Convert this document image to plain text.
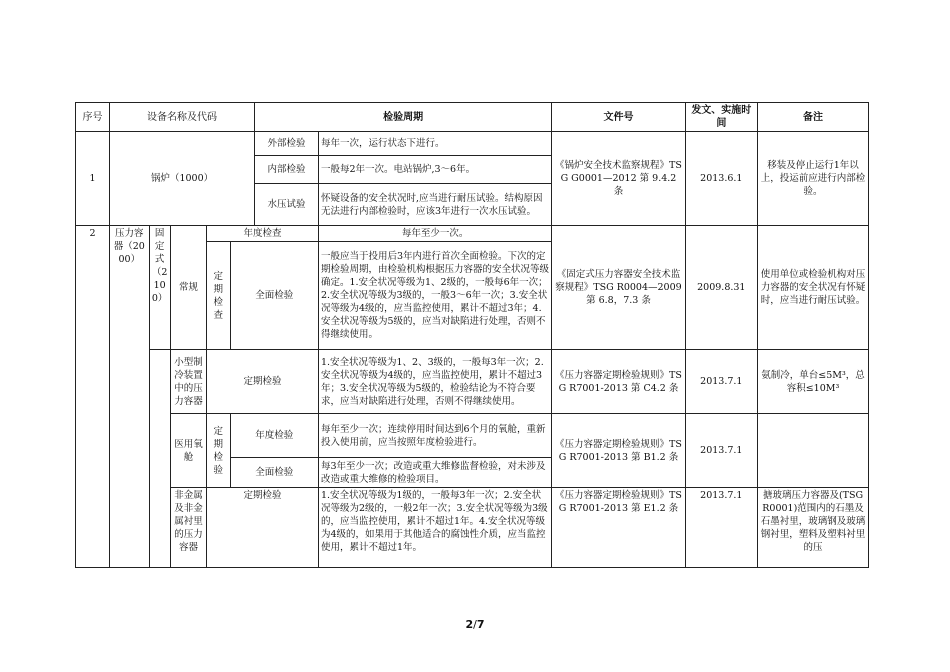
序号	设备名称及代码					检验周期		文件号	发文、实施时间	备注
1	锅炉（1000）					外部检验	每年一次，运行状态下进行。	《锅炉安全技术监察规程》TSG G0001—2012 第 9.4.2 条	2013.6.1	移装及停止运行1年以上，投运前应进行内部检验。
						内部检验	一般每2年一次。电站锅炉,3～6年。			
						水压试验	怀疑设备的安全状况时,应当进行耐压试验。结构原因无法进行内部检验时，应该3年进行一次水压试验。			
2	压力容器（2000）	固定式（2100）	常规	年度检查			每年至少一次。	《固定式压力容器安全技术监察规程》TSG R0004—2009 第 6.8，7.3 条	2009.8.31	使用单位或检验机构对压力容器的安全状况有怀疑时，应当进行耐压试验。
				定期检查	全面检验		一般应当于投用后3年内进行首次全面检验。下次的定期检验周期，由检验机构根据压力容器的安全状况等级确定。1.安全状况等级为1、2级的，一般每6年一次；2.安全状况等级为3级的，一般3～6年一次；3.安全状况等级为4级的，应当监控使用，累计不超过3年；4.安全状况等级为5级的，应当对缺陷进行处理，否则不得继续使用。			
			小型制冷装置中的压力容器	定期检验			1.安全状况等级为1、2、3级的，一般每3年一次；2.安全状况等级为4级的，应当监控使用，累计不超过3年；3.安全状况等级为5级的，检验结论为不符合要求，应当对缺陷进行处理，否则不得继续使用。	《压力容器定期检验规则》TSG R7001-2013 第 C4.2 条	2013.7.1	氨制冷，单台≤5M³，总容积≤10M³
			医用氧舱	定期检验	年度检验		每年至少一次；连续停用时间达到6个月的氧舱，重新投入使用前，应当按照年度检验进行。	《压力容器定期检验规则》TSG R7001-2013 第 B1.2 条	2013.7.1	
					全面检验		每3年至少一次；改造或重大维修监督检验，对未涉及改造或重大维修的检验项目。			
			非金属及非金属衬里的压力容器	定期检验			1.安全状况等级为1级的，一般每3年一次；2.安全状况等级为2级的，一般2年一次；3.安全状况等级为3级的，应当监控使用，累计不超过1年。4.安全状况等级为4级的，如果用于其他适合的腐蚀性介质，应当监控使用，累计不超过1年。	《压力容器定期检验规则》TSG R7001-2013 第 E1.2 条	2013.7.1	搪玻璃压力容器及(TSG R0001)范围内的石墨及石墨衬里，玻璃钢及玻璃钢衬里，塑料及塑料衬里的压
2/7
